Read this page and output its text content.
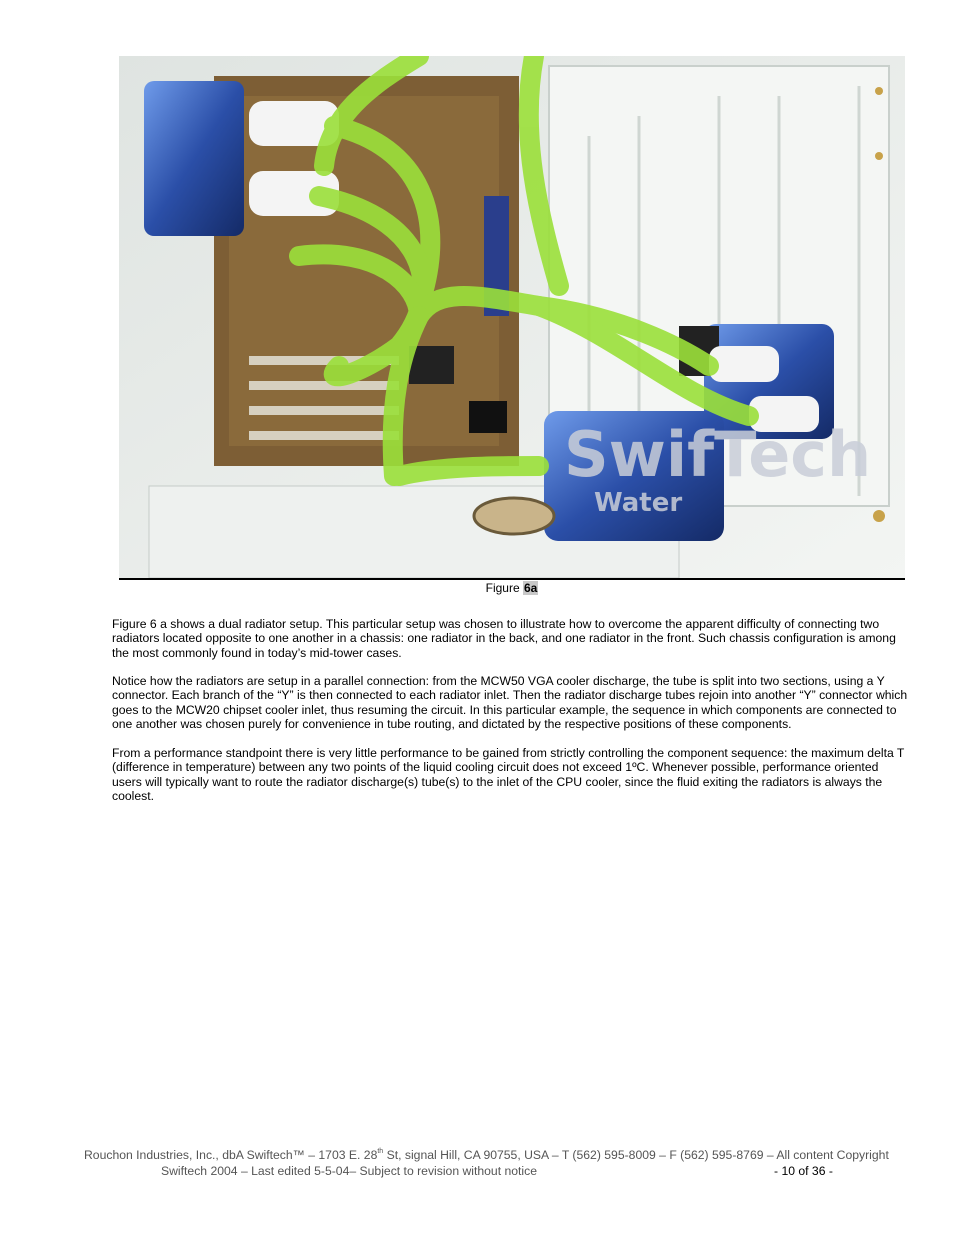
SwifTech
Water
Figure 6a

Figure 6 a shows a dual radiator setup. This particular setup was chosen to illustrate how to overcome the apparent difficulty of connecting two radiators located opposite to one another in a chassis: one radiator in the back, and one radiator in the front. Such chassis configuration is among the most commonly found in today’s mid-tower cases.

Notice how the radiators are setup in a parallel connection: from the MCW50 VGA cooler discharge, the tube is split into two sections, using a Y connector. Each branch of the “Y” is then connected to each radiator inlet. Then the radiator discharge tubes rejoin into another “Y” connector which goes to the MCW20 chipset cooler inlet, thus resuming the circuit. In this particular example, the sequence in which components are connected to one another was chosen purely for convenience in tube routing, and dictated by the respective positions of these components.

From a performance standpoint there is very little performance to be gained from strictly controlling the component sequence: the maximum delta T (difference in temperature) between any two points of the liquid cooling circuit does not exceed 1ºC. Whenever possible, performance oriented users will typically want to route the radiator discharge(s) tube(s) to the inlet of the CPU cooler, since the fluid exiting the radiators is always the coolest.

Rouchon Industries, Inc., dbA Swiftech™ – 1703 E. 28th St, signal Hill, CA 90755, USA – T (562) 595-8009 – F (562) 595-8769 – All content Copyright
Swiftech 2004 – Last edited 5-5-04– Subject to revision without notice	- 10 of 36 -
